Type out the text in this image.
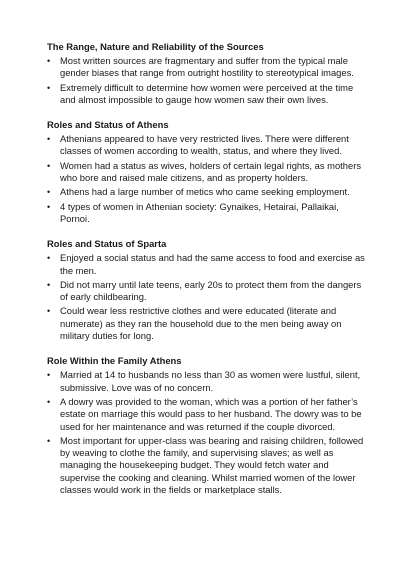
The Range, Nature and Reliability of the Sources
• Most written sources are fragmentary and suffer from the typical male gender biases that range from outright hostility to stereotypical images.
• Extremely difficult to determine how women were perceived at the time and almost impossible to gauge how women saw their own lives.
Roles and Status of Athens
• Athenians appeared to have very restricted lives. There were different classes of women according to wealth, status, and where they lived.
• Women had a status as wives, holders of certain legal rights, as mothers who bore and raised male citizens, and as property holders.
• Athens had a large number of metics who came seeking employment.
• 4 types of women in Athenian society: Gynaikes, Hetairai, Pallaikai, Pornoi.
Roles and Status of Sparta
• Enjoyed a social status and had the same access to food and exercise as the men.
• Did not marry until late teens, early 20s to protect them from the dangers of early childbearing.
• Could wear less restrictive clothes and were educated (literate and numerate) as they ran the household due to the men being away on military duties for long.
Role Within the Family Athens
• Married at 14 to husbands no less than 30 as women were lustful, silent, submissive. Love was of no concern.
• A dowry was provided to the woman, which was a portion of her father’s estate on marriage this would pass to her husband. The dowry was to be used for her maintenance and was returned if the couple divorced.
• Most important for upper-class was bearing and raising children, followed by weaving to clothe the family, and supervising slaves; as well as managing the housekeeping budget. They would fetch water and supervise the cooking and cleaning. Whilst married women of the lower classes would work in the fields or marketplace stalls.
